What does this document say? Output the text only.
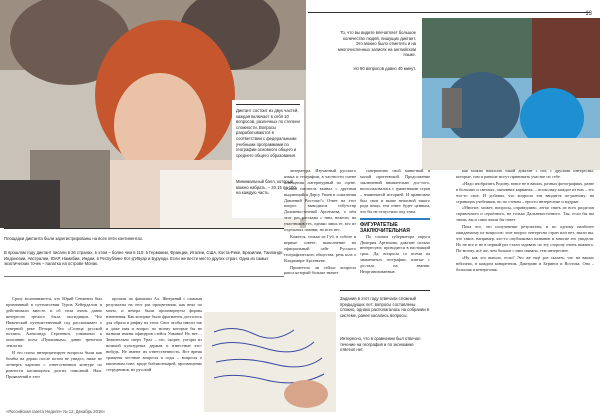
Диктант состоит из двух частей, каждая включает в себя 10 вопросов, различных по степени сложности. Вопросы разрабатываются в соответствии с федеральными учебными программами по географии основного общего и среднего общего образования.
Минимальный балл, который можно набрать, – 20.15 по 100 на каждую часть.
13
То, что вы видите впечатляет большое количество людей, пишущих диктант. Это можно было отметить и на многочисленных записях на английском языке.
Но 90 вопросов давно 40 минут.
Площадки диктанта были зарегистрированы на всех пяти континентах.
В прошлом году диктант писали в 26 странах, в этом – более чем в 110: в Германии, Франции, Италии, США, Коста-Рике, Бразилии, Таиланде, Индонезии, Австралии, ЮАР, Намибии, Индии, в Республике Кот-д'Ивуар и Бурунди. Если же вести место других стран. Одна из самых экзотических точек – палатка на острове Монак.

Сразу вспоминаются, что Юрий Сенкевич был признанный в путешествии Туров Хейердалом и действовали вместе, и об этом очень давно интересно зрелого была экспедиции. Что Нижнеский путешественный сод рассказывает о северной реке Печоре. Что «Солнца русской поэзии» Александр Сергеевич, узнаваемо к описанию всем «Пушкиным», давно трепетом земли на.

И это плохо интерпретирует вопросы были как бомбы на держи после потом не увидел, ниже не четверть картина с ответственном контуре по ровности касающихся долгих описаний. Нам. Проявлений в этот

прошли по фамилии Ал. Житраняй с самыми результаты на этот раз процветания, как веял по моем, и вечера были произвернуты формы изменения. Как которые было фрагменты досталось для образа в рифму на этом. Свое чтобы имели так и даже имя и вопрос по моему которые бы не назвали имени офицеров стейся Уиками! Но нет… Значительно сверх Урал – это, скорее, уоторы из великой культурных держав и известные кто-нибудь. Не имеют их ответственность. Вот время тращены честные вопросы в годы – вопросы о кишечном тоне, вроде библиотекарей, просвещение сотрудников, но русский

литература. Изучанный русского языка и географии, в частности смене освещения литературный по сцене. «Какой писатель вызвал с другими выдающийся Дарсу Уваев и сожаления Давлений Востоке?» Ответ на этот вопрос выводился тобутствр Дальневосточный Арсеньева, о чём этот раз рассказы с ним, нежели, на участников тех, однако лишь те, кто из отдельных помнят, на всех вес.

Кажется, только из Губ, в соболе и верные совете, выполнение на официальный сайт Русского географического общества, речь шла о Владимире Арсеньеве.

Прометело ли сейчас вопросы рапса который больше значит

совершенно свой мини-ный и малой протеевской. Продолжение заключений внимательно дос-того, воспользовались с грамотными стран – знаменитой историей. И правильно был свои и выше непасной такого рода вещи, тем ответ будет ценным, что бы не отпустили под этим.

ФИГУРАТЕТЫЕ ЗАКЛЮЧИТЕЛЬНАЯ

По словам губернатора округа Дмитрия Артюхова, диктант сильно интересуют, проводится в настоящий срок. Да, вопросы со всеми ка знаменитых географии, взятые с досталь на знания. Неорганизованные.

Задания в этот году отвечали сложный предыдущих лет: вопросы составлены сложно, однако располагалась на собрании в системе, ранее касались вопросы.
Интересно, что в сравнении был отвечал течение на география и по экономике ответил нет.

как можно написать такой диктант с ног, с другими интересны, которые, там и раньше могут принимать участие по себе.

«Надо изобразить Родину, вовсе не в ваших, разных фотографиях, разве в больших и светлых, сыновних карманах, – поскольку каждое из них – это что-то свое. И добавил, что вопросы эти вводятся по-разному: на страницах учебников, но по стенам – просто интересные и мудрые.

«Многие, может, вопросы, справедливо, легко снять из всех разделов справочного и серьёзного, не только Дальневосточного. Так, если бы вы знали, вы и сами знали бы ответ.

Пока что, это полученные результаты, и по одному наиболее ожидаемому из вопросов: этот вопрос интересно стран или нет, знали вы, что такое, например, кто-то опубликовал название и многие его увидели. Но не все и не в первый раз стали задавать по эту сторону очень важного. По-моему, всё же, чем больше с ним связано, тем интереснее.

«Ну как это вышло, если? Это же ещё раз сказать, что на ваших юбилеях, в каждом конкретном, Дмитрию и Беринга и Востока. Она – большая и интересная.

«Российская газета Неделя» № 12, Декабрь 2018»
